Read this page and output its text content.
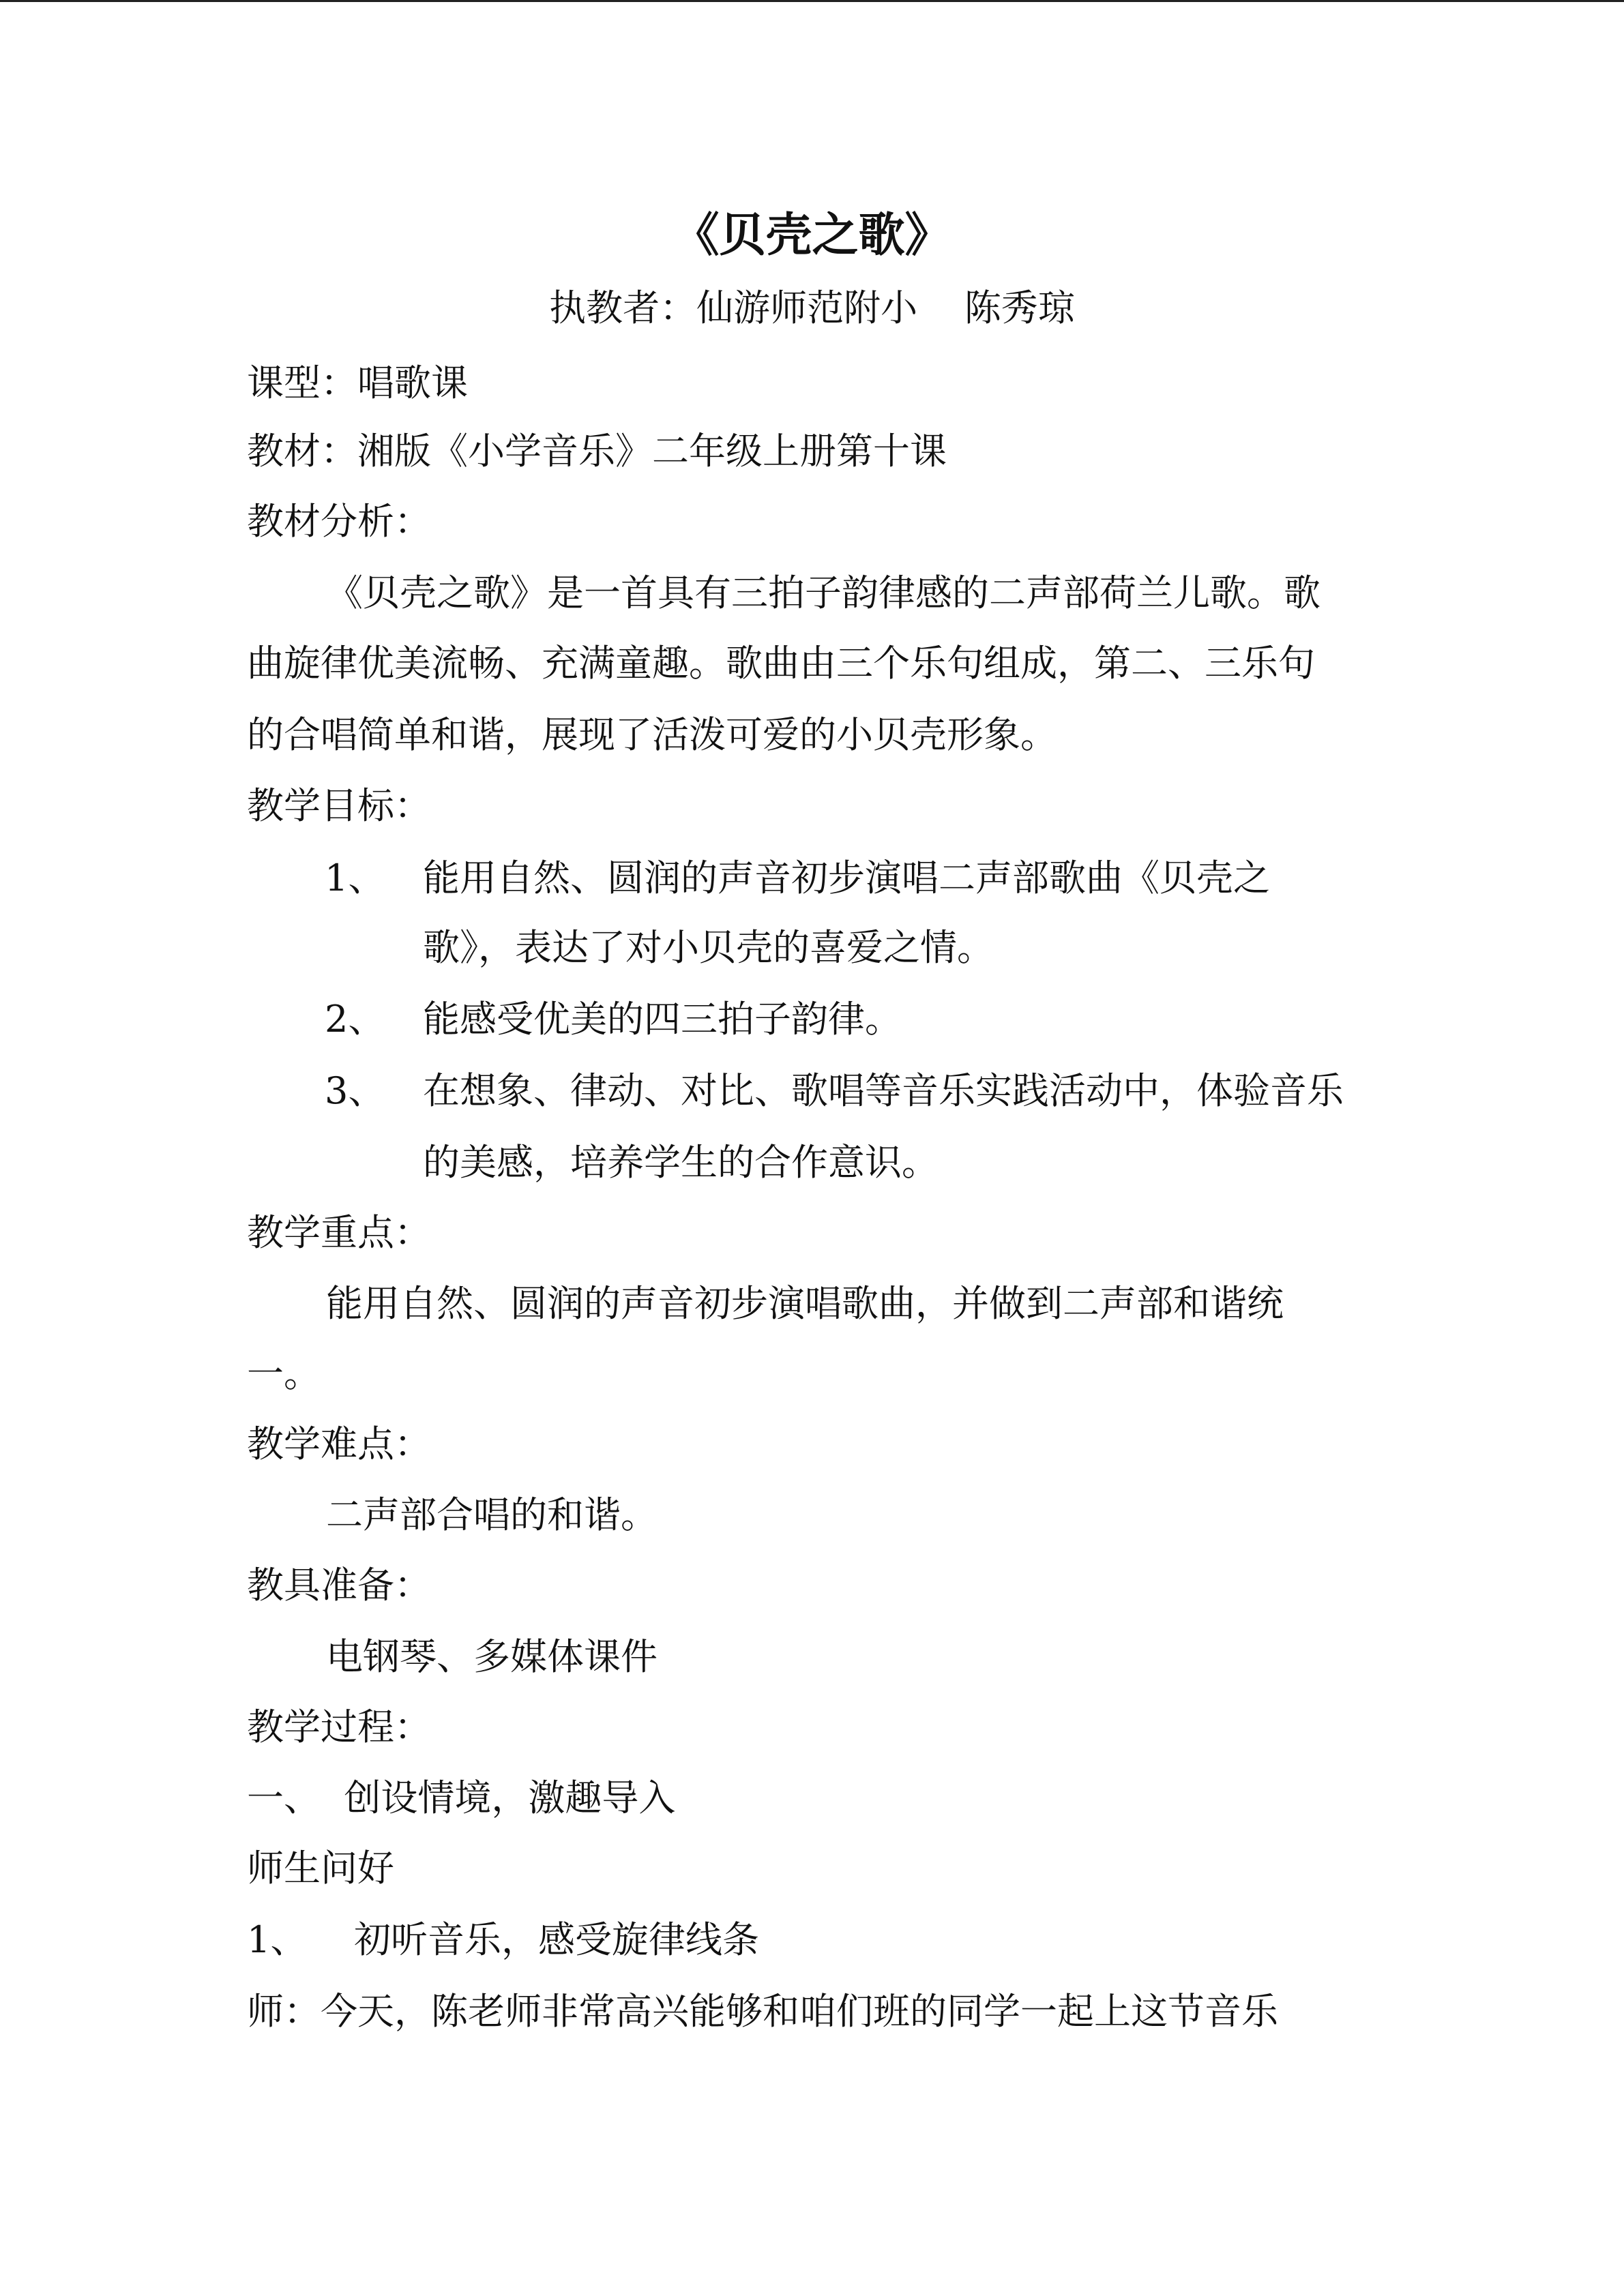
《贝壳之歌》
执教者：仙游师范附小    陈秀琼
课型：唱歌课
教材：湘版《小学音乐》二年级上册第十课
教材分析：
《贝壳之歌》是一首具有三拍子韵律感的二声部荷兰儿歌。歌
曲旋律优美流畅、充满童趣。歌曲由三个乐句组成，第二、三乐句
的合唱简单和谐，展现了活泼可爱的小贝壳形象。
教学目标：
1、 能用自然、圆润的声音初步演唱二声部歌曲《贝壳之
歌》，表达了对小贝壳的喜爱之情。
2、 能感受优美的四三拍子韵律。
3、 在想象、律动、对比、歌唱等音乐实践活动中，体验音乐
的美感，培养学生的合作意识。
教学重点：
能用自然、圆润的声音初步演唱歌曲，并做到二声部和谐统
一。
教学难点：
二声部合唱的和谐。
教具准备：
电钢琴、多媒体课件
教学过程：
一、  创设情境，激趣导入
师生问好
1、    初听音乐，感受旋律线条
师：今天，陈老师非常高兴能够和咱们班的同学一起上这节音乐
